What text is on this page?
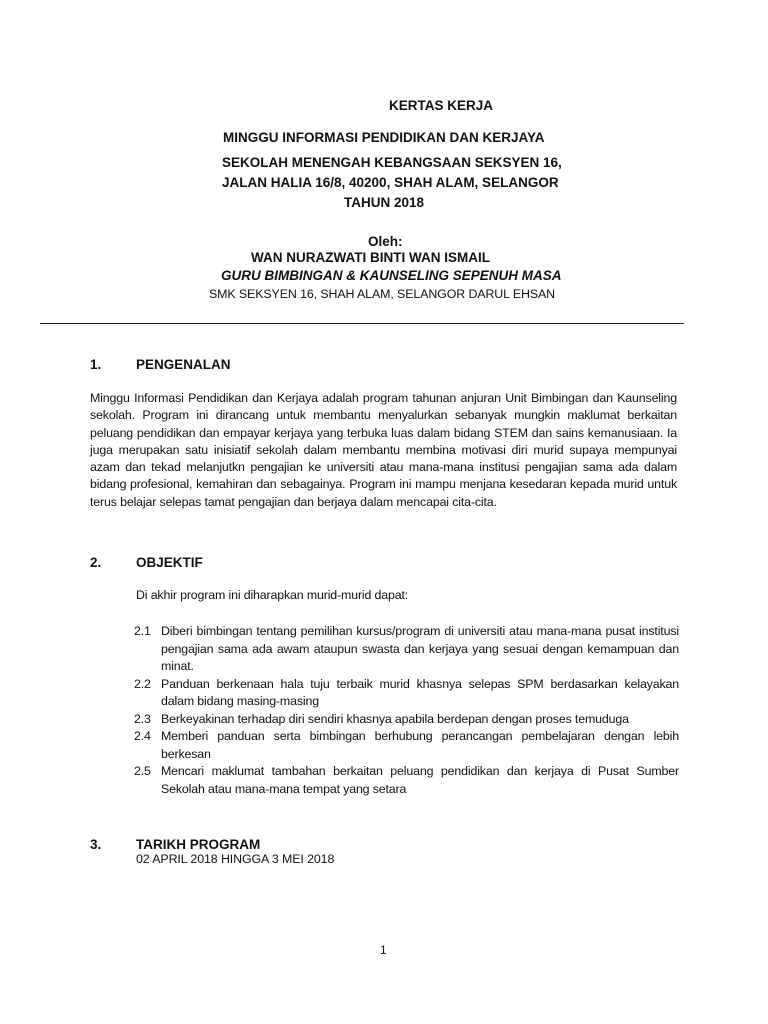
KERTAS KERJA
MINGGU INFORMASI PENDIDIKAN DAN KERJAYA
SEKOLAH MENENGAH KEBANGSAAN SEKSYEN 16,
JALAN HALIA 16/8, 40200, SHAH ALAM, SELANGOR
TAHUN 2018
Oleh:
WAN NURAZWATI BINTI WAN ISMAIL
GURU BIMBINGAN & KAUNSELING SEPENUH MASA
SMK SEKSYEN 16, SHAH ALAM, SELANGOR DARUL EHSAN
1.	PENGENALAN
Minggu Informasi Pendidikan dan Kerjaya adalah program tahunan anjuran Unit Bimbingan dan Kaunseling sekolah. Program ini dirancang untuk membantu menyalurkan sebanyak mungkin maklumat berkaitan peluang pendidikan dan empayar kerjaya yang terbuka luas dalam bidang STEM dan sains kemanusiaan. Ia juga merupakan satu inisiatif sekolah dalam membantu membina motivasi diri murid supaya mempunyai azam dan tekad melanjutkn pengajian ke universiti atau mana-mana institusi pengajian sama ada dalam bidang profesional, kemahiran dan sebagainya. Program ini mampu menjana kesedaran kepada murid untuk terus belajar selepas tamat pengajian dan berjaya dalam mencapai cita-cita.
2.	OBJEKTIF
Di akhir program ini diharapkan murid-murid dapat:
2.1 Diberi bimbingan tentang pemilihan kursus/program di universiti atau mana-mana pusat institusi pengajian sama ada awam ataupun swasta dan kerjaya yang sesuai dengan kemampuan dan minat.
2.2 Panduan berkenaan hala tuju terbaik murid khasnya selepas SPM berdasarkan kelayakan dalam bidang masing-masing
2.3 Berkeyakinan terhadap diri sendiri khasnya apabila berdepan dengan proses temuduga
2.4 Memberi panduan serta bimbingan berhubung perancangan pembelajaran dengan lebih berkesan
2.5 Mencari maklumat tambahan berkaitan peluang pendidikan dan kerjaya di Pusat Sumber Sekolah atau mana-mana tempat yang setara
3.	TARIKH PROGRAM
02 APRIL 2018 HINGGA 3 MEI 2018
1
